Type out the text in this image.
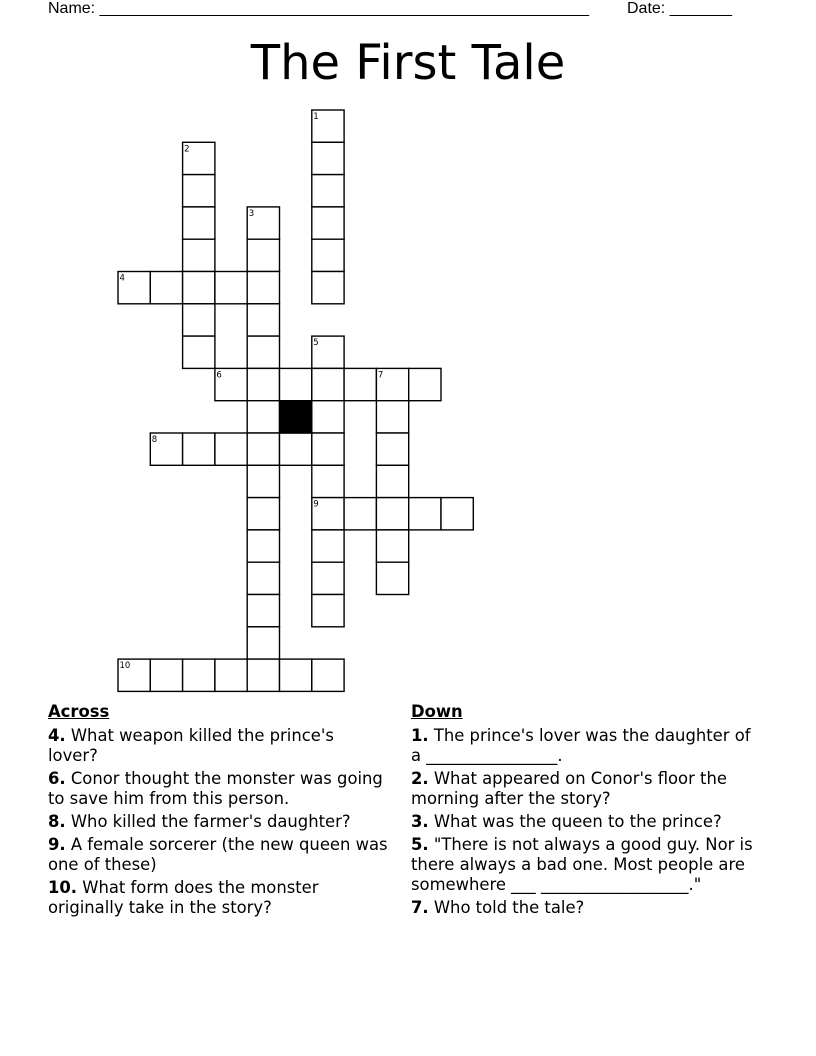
Name: _______________________________________________________ Date: _______
The First Tale
1
2
3
4
5
6	7
8
9
10
Across
4. What weapon killed the prince's lover?
6. Conor thought the monster was going to save him from this person.
8. Who killed the farmer's daughter?
9. A female sorcerer (the new queen was one of these)
10. What form does the monster originally take in the story?
Down
1. The prince's lover was the daughter of a ________________.
2. What appeared on Conor's floor the morning after the story?
3. What was the queen to the prince?
5. "There is not always a good guy. Nor is there always a bad one. Most people are somewhere ___ __________________."
7. Who told the tale?
